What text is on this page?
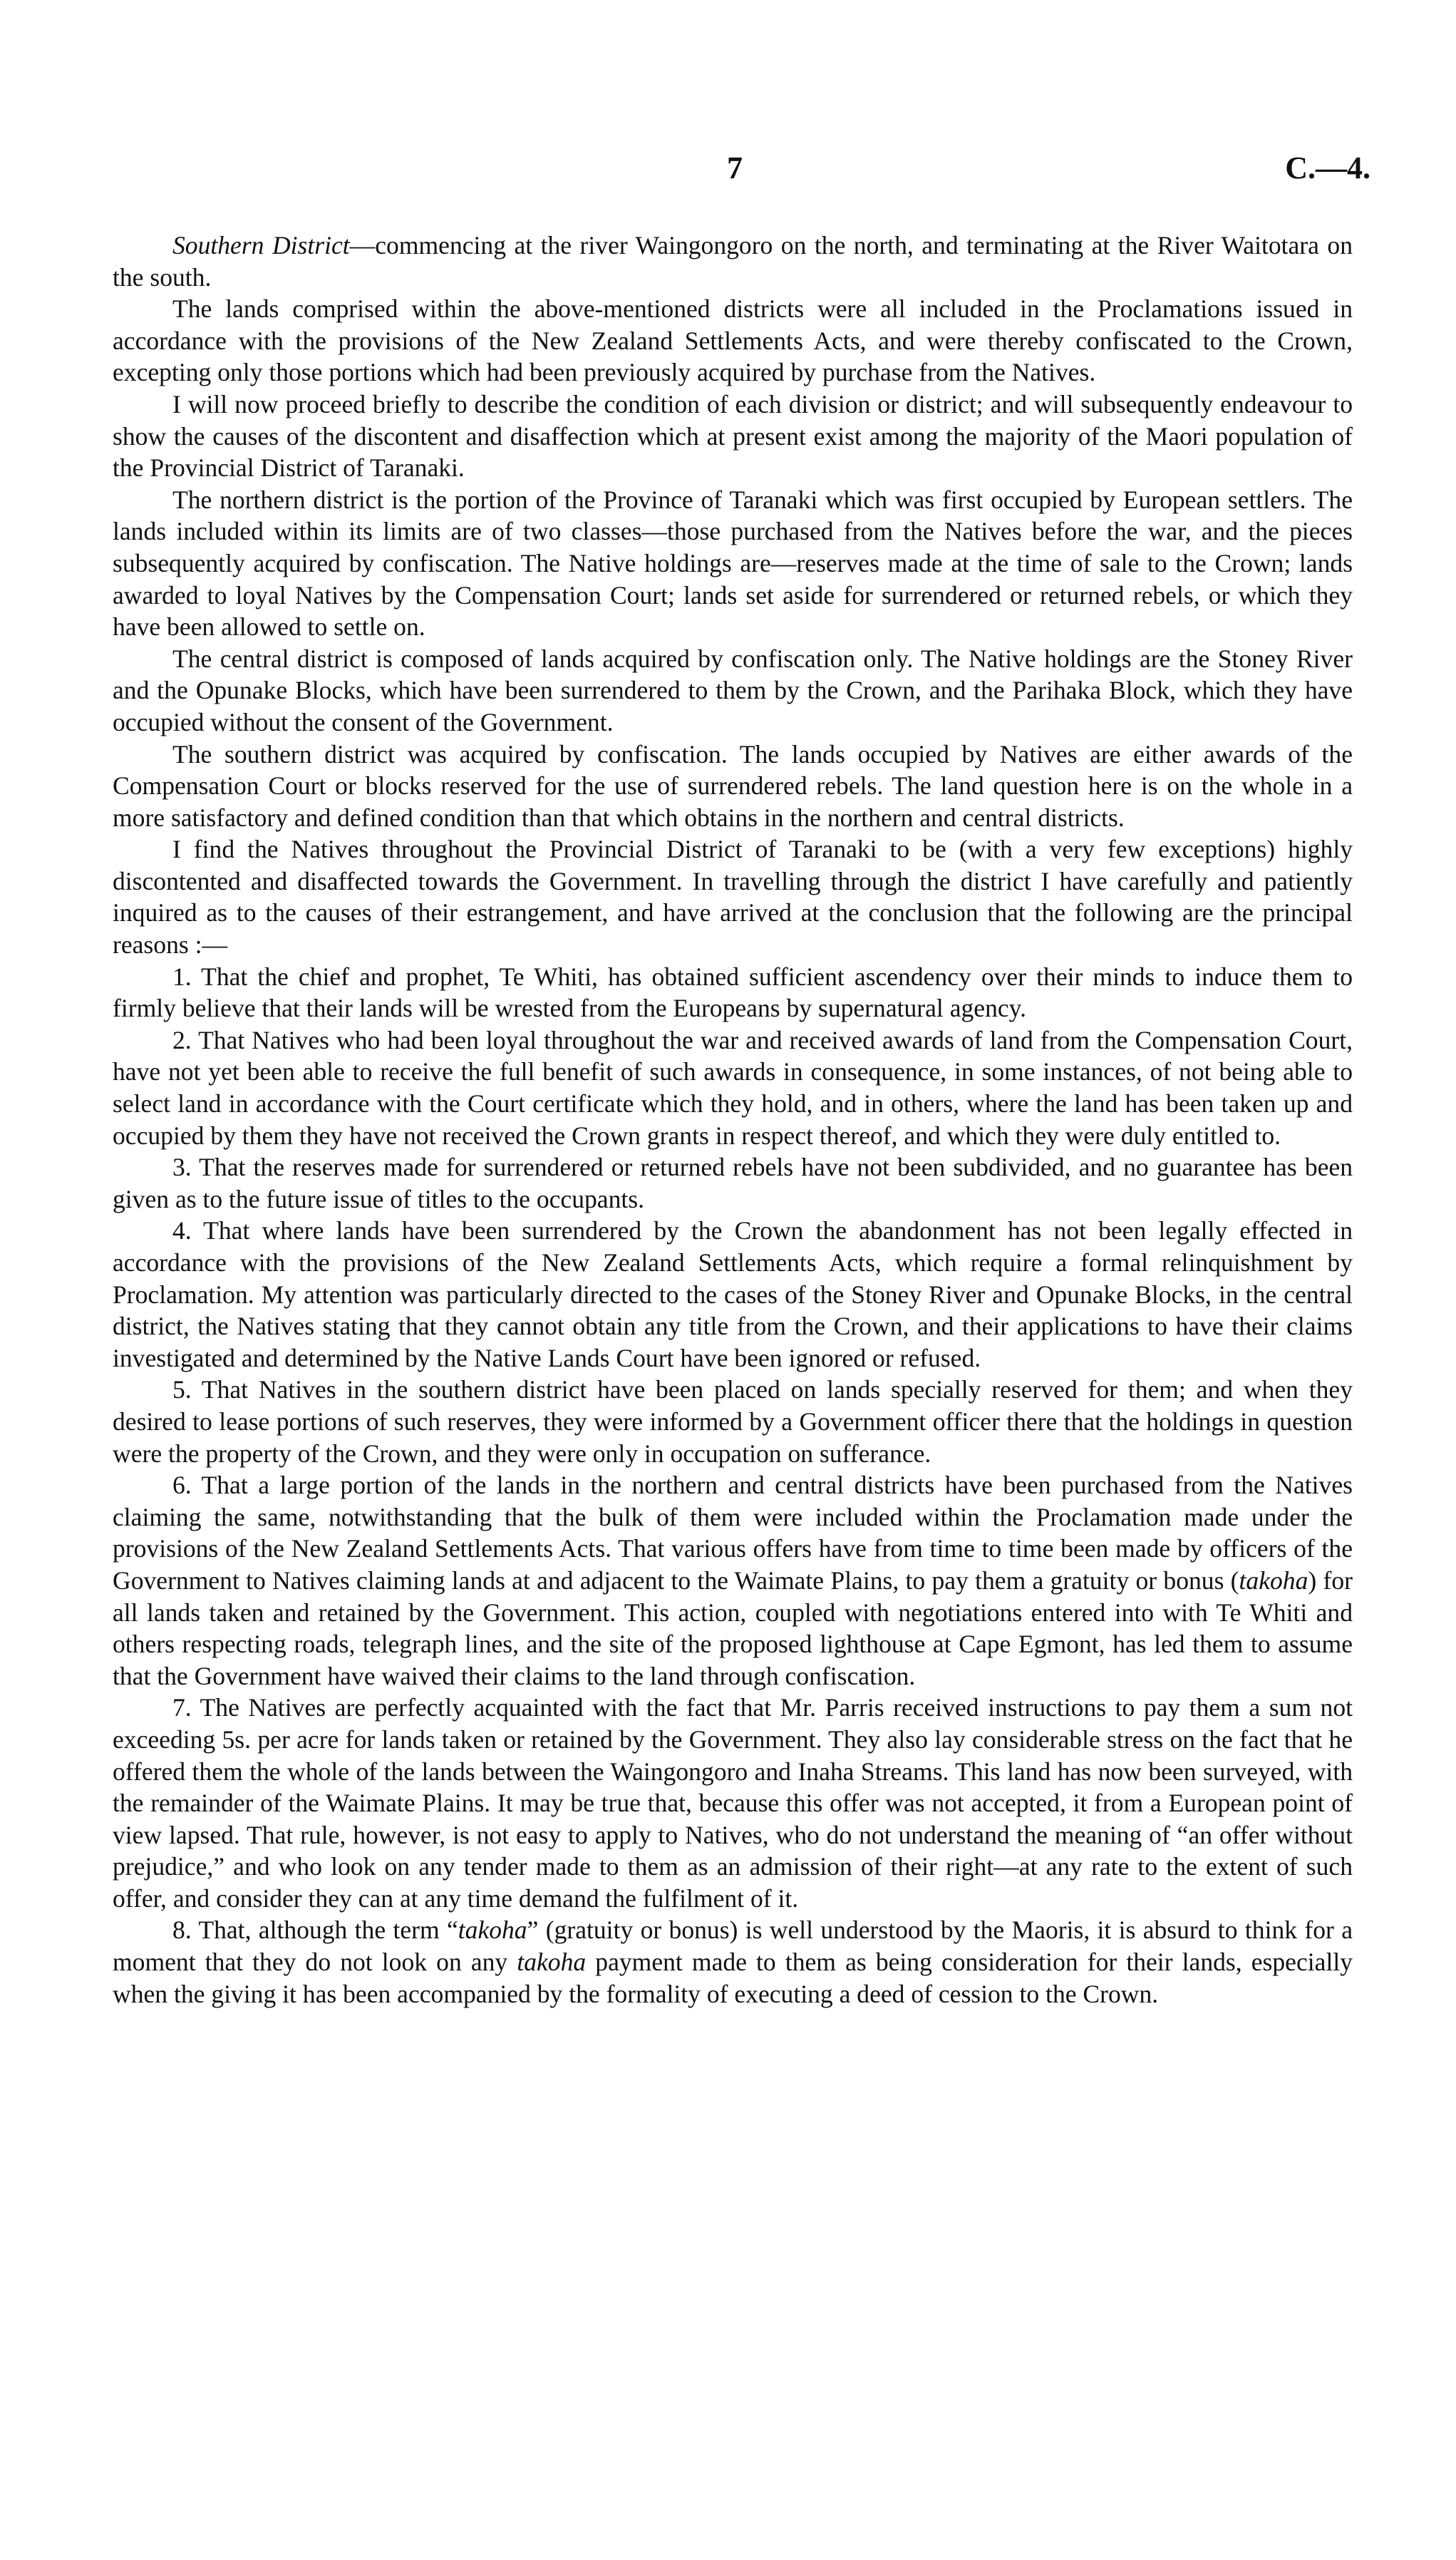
7	C.—4.

Southern District—commencing at the river Waingongoro on the north, and terminating at the River Waitotara on the south.

The lands comprised within the above-mentioned districts were all included in the Proclamations issued in accordance with the provisions of the New Zealand Settlements Acts, and were thereby confiscated to the Crown, excepting only those portions which had been previously acquired by purchase from the Natives.

I will now proceed briefly to describe the condition of each division or district; and will subsequently endeavour to show the causes of the discontent and disaffection which at present exist among the majority of the Maori population of the Provincial District of Taranaki.

The northern district is the portion of the Province of Taranaki which was first occupied by European settlers. The lands included within its limits are of two classes—those purchased from the Natives before the war, and the pieces subsequently acquired by confiscation. The Native holdings are—reserves made at the time of sale to the Crown; lands awarded to loyal Natives by the Compensation Court; lands set aside for surrendered or returned rebels, or which they have been allowed to settle on.

The central district is composed of lands acquired by confiscation only. The Native holdings are the Stoney River and the Opunake Blocks, which have been surrendered to them by the Crown, and the Parihaka Block, which they have occupied without the consent of the Government.

The southern district was acquired by confiscation. The lands occupied by Natives are either awards of the Compensation Court or blocks reserved for the use of surrendered rebels. The land question here is on the whole in a more satisfactory and defined condition than that which obtains in the northern and central districts.

I find the Natives throughout the Provincial District of Taranaki to be (with a very few exceptions) highly discontented and disaffected towards the Government. In travelling through the district I have carefully and patiently inquired as to the causes of their estrangement, and have arrived at the conclusion that the following are the principal reasons :—

1. That the chief and prophet, Te Whiti, has obtained sufficient ascendency over their minds to induce them to firmly believe that their lands will be wrested from the Europeans by supernatural agency.

2. That Natives who had been loyal throughout the war and received awards of land from the Compensation Court, have not yet been able to receive the full benefit of such awards in consequence, in some instances, of not being able to select land in accordance with the Court certificate which they hold, and in others, where the land has been taken up and occupied by them they have not received the Crown grants in respect thereof, and which they were duly entitled to.

3. That the reserves made for surrendered or returned rebels have not been subdivided, and no guarantee has been given as to the future issue of titles to the occupants.

4. That where lands have been surrendered by the Crown the abandonment has not been legally effected in accordance with the provisions of the New Zealand Settlements Acts, which require a formal relinquishment by Proclamation. My attention was particularly directed to the cases of the Stoney River and Opunake Blocks, in the central district, the Natives stating that they cannot obtain any title from the Crown, and their applications to have their claims investigated and determined by the Native Lands Court have been ignored or refused.

5. That Natives in the southern district have been placed on lands specially reserved for them; and when they desired to lease portions of such reserves, they were informed by a Government officer there that the holdings in question were the property of the Crown, and they were only in occupation on sufferance.

6. That a large portion of the lands in the northern and central districts have been purchased from the Natives claiming the same, notwithstanding that the bulk of them were included within the Proclamation made under the provisions of the New Zealand Settlements Acts. That various offers have from time to time been made by officers of the Government to Natives claiming lands at and adjacent to the Waimate Plains, to pay them a gratuity or bonus (takoha) for all lands taken and retained by the Government. This action, coupled with negotiations entered into with Te Whiti and others respecting roads, telegraph lines, and the site of the proposed lighthouse at Cape Egmont, has led them to assume that the Government have waived their claims to the land through confiscation.

7. The Natives are perfectly acquainted with the fact that Mr. Parris received instructions to pay them a sum not exceeding 5s. per acre for lands taken or retained by the Government. They also lay considerable stress on the fact that he offered them the whole of the lands between the Waingongoro and Inaha Streams. This land has now been surveyed, with the remainder of the Waimate Plains. It may be true that, because this offer was not accepted, it from a European point of view lapsed. That rule, however, is not easy to apply to Natives, who do not understand the meaning of “an offer without prejudice,” and who look on any tender made to them as an admission of their right—at any rate to the extent of such offer, and consider they can at any time demand the fulfilment of it.

8. That, although the term “takoha” (gratuity or bonus) is well understood by the Maoris, it is absurd to think for a moment that they do not look on any takoha payment made to them as being consideration for their lands, especially when the giving it has been accompanied by the formality of executing a deed of cession to the Crown.
